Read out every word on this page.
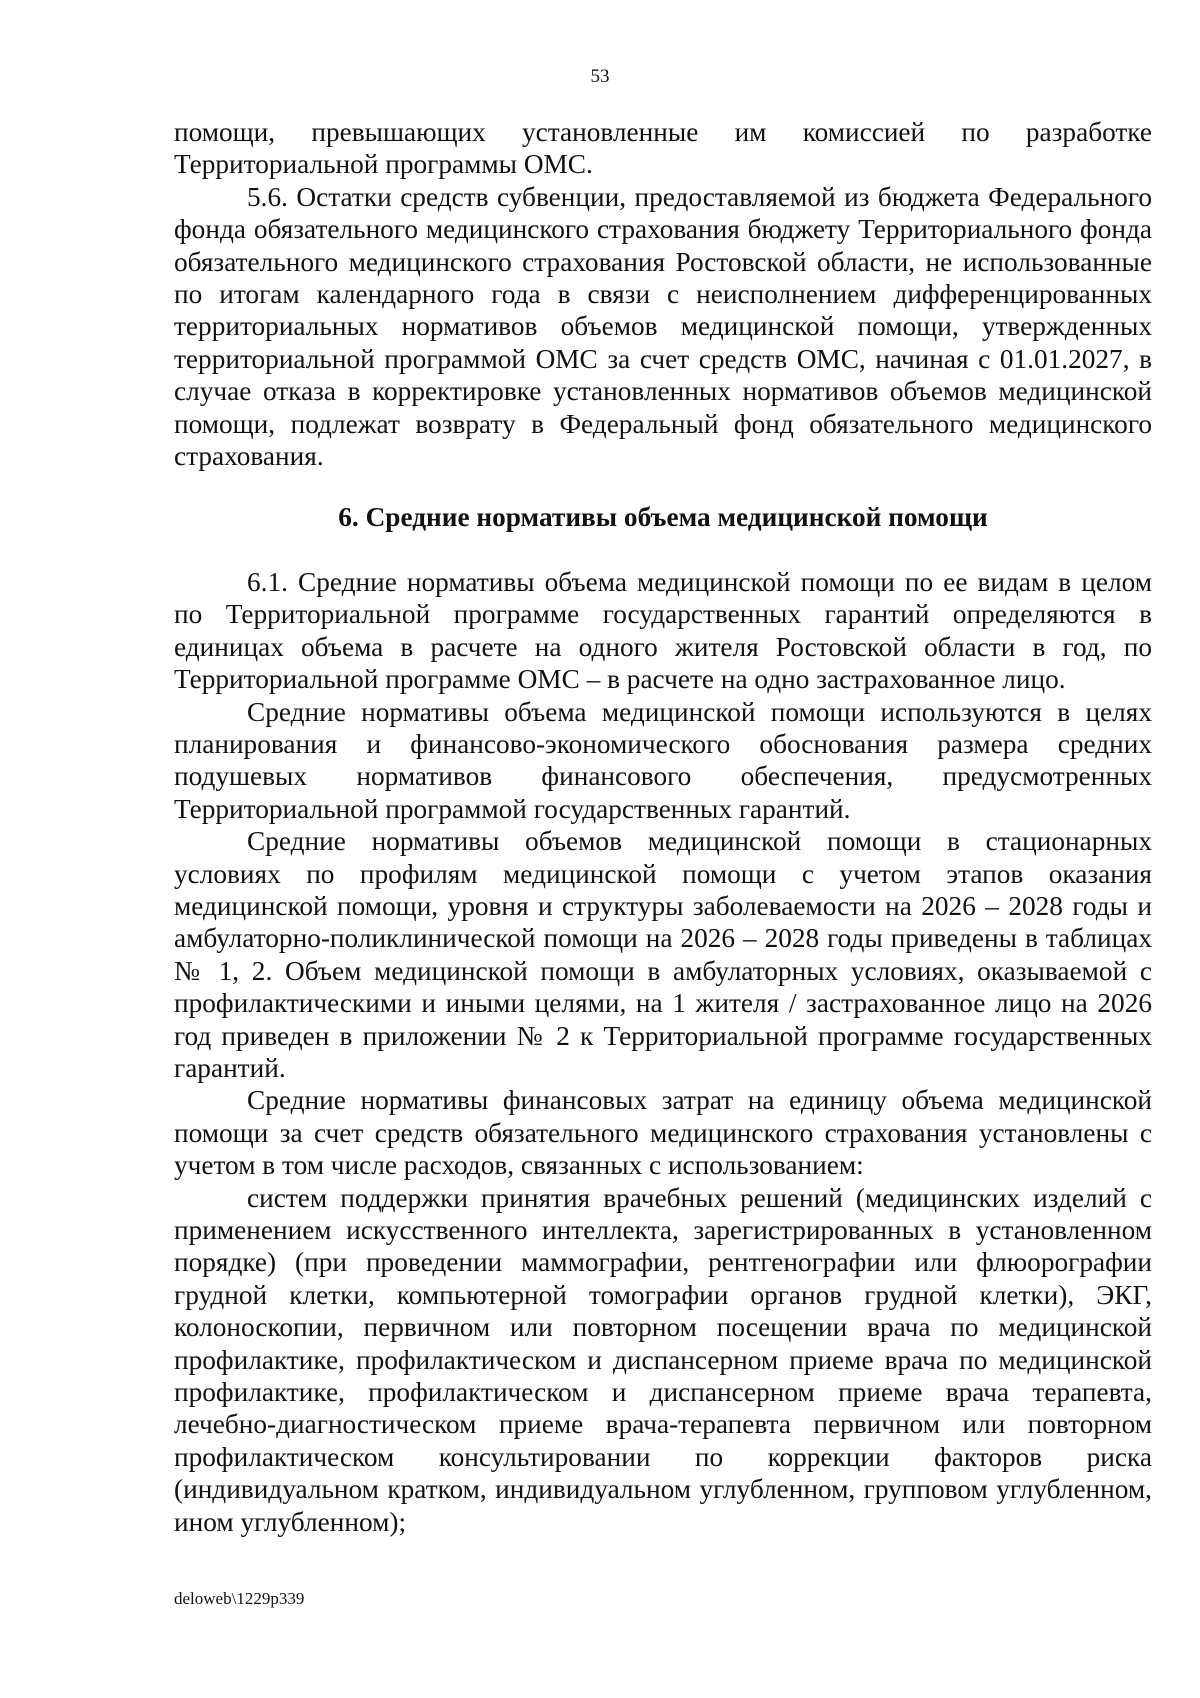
53

помощи, превышающих установленные им комиссией по разработке Территориальной программы ОМС.

5.6. Остатки средств субвенции, предоставляемой из бюджета Федерального фонда обязательного медицинского страхования бюджету Территориального фонда обязательного медицинского страхования Ростовской области, не использованные по итогам календарного года в связи с неисполнением дифференцированных территориальных нормативов объемов медицинской помощи, утвержденных территориальной программой ОМС за счет средств ОМС, начиная с 01.01.2027, в случае отказа в корректировке установленных нормативов объемов медицинской помощи, подлежат возврату в Федеральный фонд обязательного медицинского страхования.

6. Средние нормативы объема медицинской помощи

6.1. Средние нормативы объема медицинской помощи по ее видам в целом по Территориальной программе государственных гарантий определяются в единицах объема в расчете на одного жителя Ростовской области в год, по Территориальной программе ОМС – в расчете на одно застрахованное лицо.

Средние нормативы объема медицинской помощи используются в целях планирования и финансово-экономического обоснования размера средних подушевых нормативов финансового обеспечения, предусмотренных Территориальной программой государственных гарантий.

Средние нормативы объемов медицинской помощи в стационарных условиях по профилям медицинской помощи с учетом этапов оказания медицинской помощи, уровня и структуры заболеваемости на 2026 – 2028 годы и амбулаторно-поликлинической помощи на 2026 – 2028 годы приведены в таблицах № 1, 2. Объем медицинской помощи в амбулаторных условиях, оказываемой с профилактическими и иными целями, на 1 жителя / застрахованное лицо на 2026 год приведен в приложении № 2 к Территориальной программе государственных гарантий.

Средние нормативы финансовых затрат на единицу объема медицинской помощи за счет средств обязательного медицинского страхования установлены с учетом в том числе расходов, связанных с использованием:

систем поддержки принятия врачебных решений (медицинских изделий с применением искусственного интеллекта, зарегистрированных в установленном порядке) (при проведении маммографии, рентгенографии или флюорографии грудной клетки, компьютерной томографии органов грудной клетки), ЭКГ, колоноскопии, первичном или повторном посещении врача по медицинской профилактике, профилактическом и диспансерном приеме врача по медицинской профилактике, профилактическом и диспансерном приеме врача терапевта, лечебно-диагностическом приеме врача-терапевта первичном или повторном профилактическом консультировании по коррекции факторов риска (индивидуальном кратком, индивидуальном углубленном, групповом углубленном, ином углубленном);

deloweb\1229p339
